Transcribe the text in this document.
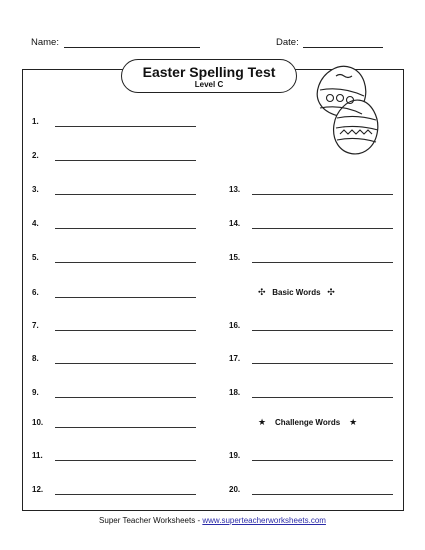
Name:	Date:
Easter Spelling Test
Level C
1.
2.
3.
4.
5.
6.
7.
8.
9.
10.
11.
12.
13.
14.
15.
✣ Basic Words ✣
16.
17.
18.
★ Challenge Words ★
19.
20.
Super Teacher Worksheets - www.superteacherworksheets.com
